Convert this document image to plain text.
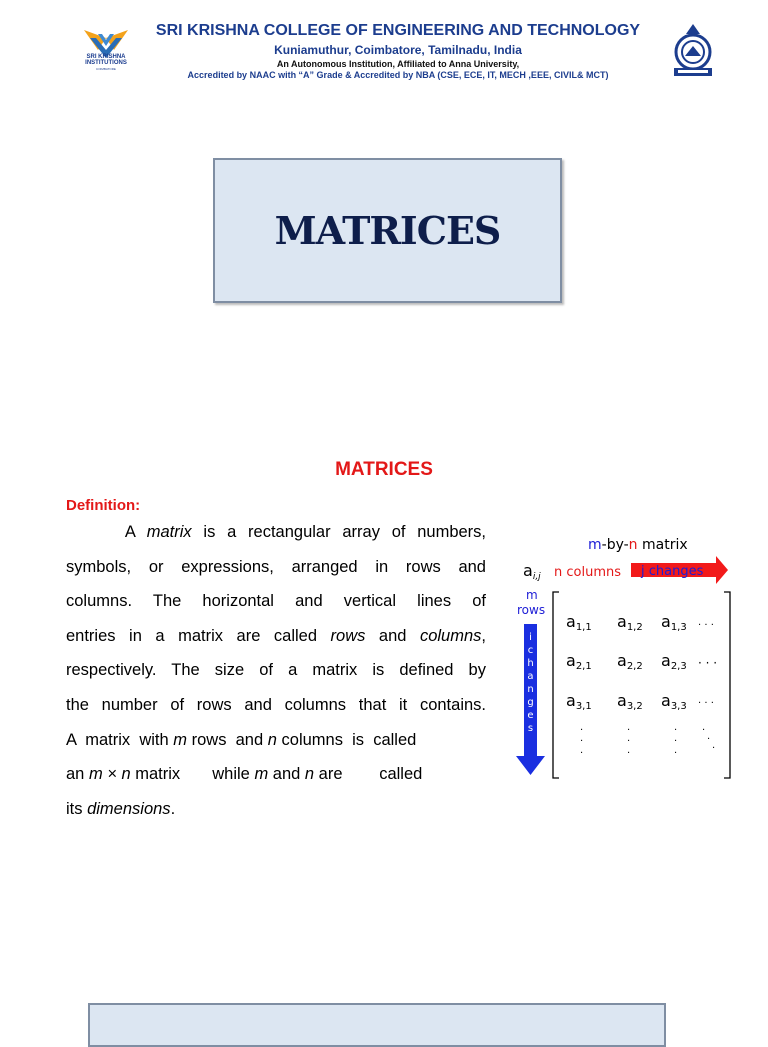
SRI KRISHNA INSTITUTIONS
COIMBATORE
SRI KRISHNA COLLEGE OF ENGINEERING AND TECHNOLOGY
Kuniamuthur, Coimbatore, Tamilnadu, India
An Autonomous Institution, Affiliated to Anna University,
Accredited by NAAC with “A” Grade & Accredited by NBA (CSE, ECE, IT, MECH ,EEE, CIVIL& MCT)
MATRICES
MATRICES
Definition:
A matrix is a rectangular array of numbers,
symbols, or expressions, arranged in rows and
columns. The horizontal and vertical lines of
entries in a matrix are called rows and columns,
respectively. The size of a matrix is defined by
the number of rows and columns that it contains.
A  matrix  with m rows  and n columns  is  called
an m × n matrix       while m and n are        called
its dimensions.
m-by-n matrix
ai,j n columns j changes
m
rows
i c h a n g e s
a1,1 a1,2 a1,3
a2,1 a2,2 a2,3
a3,1 a3,2 a3,3
· · ·
· · ·
· · ·
·
·
·
·
·
·
·
·
·
·
·
·
